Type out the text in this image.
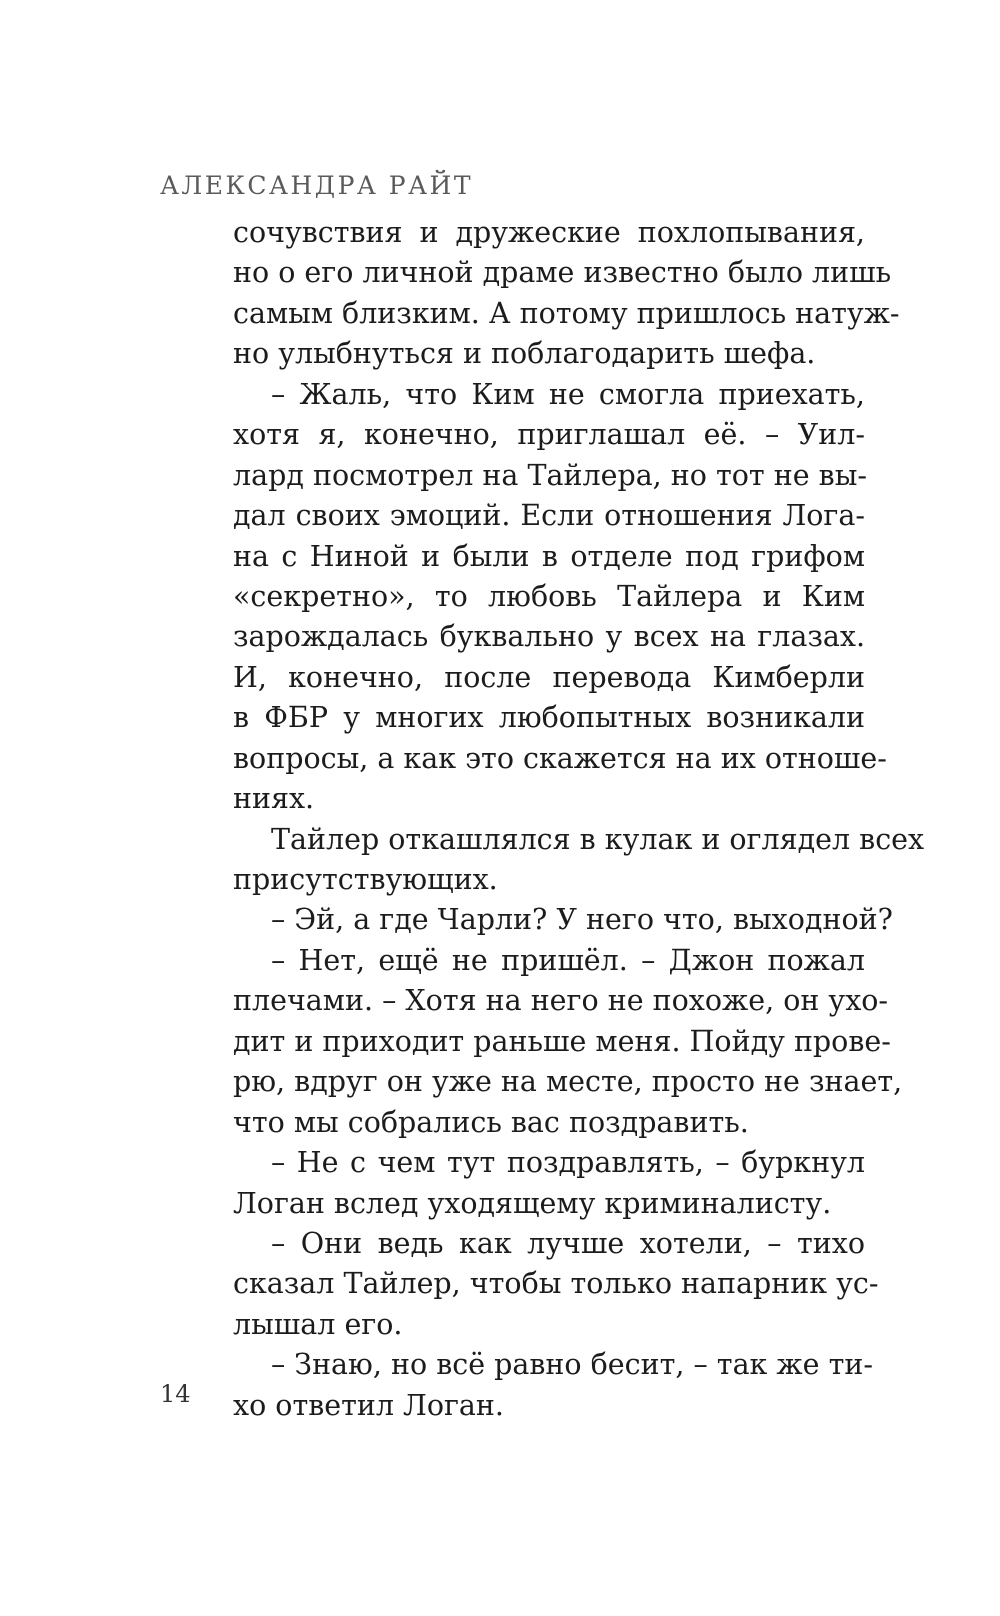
АЛЕКСАНДРА РАЙТ
сочувствия и дружеские похлопывания,
но о его личной драме известно было лишь
самым близким. А потому пришлось натуж-
но улыбнуться и поблагодарить шефа.
– Жаль, что Ким не смогла приехать,
хотя я, конечно, приглашал её. – Уил-
лард посмотрел на Тайлера, но тот не вы-
дал своих эмоций. Если отношения Лога-
на с Ниной и были в отделе под грифом
«секретно», то любовь Тайлера и Ким
зарождалась буквально у всех на глазах.
И, конечно, после перевода Кимберли
в ФБР у многих любопытных возникали
вопросы, а как это скажется на их отноше-
ниях.
Тайлер откашлялся в кулак и оглядел всех
присутствующих.
– Эй, а где Чарли? У него что, выходной?
– Нет, ещё не пришёл. – Джон пожал
плечами. – Хотя на него не похоже, он ухо-
дит и приходит раньше меня. Пойду прове-
рю, вдруг он уже на месте, просто не знает,
что мы собрались вас поздравить.
– Не с чем тут поздравлять, – буркнул
Логан вслед уходящему криминалисту.
– Они ведь как лучше хотели, – тихо
сказал Тайлер, чтобы только напарник ус-
лышал его.
– Знаю, но всё равно бесит, – так же ти-
хо ответил Логан.
14
